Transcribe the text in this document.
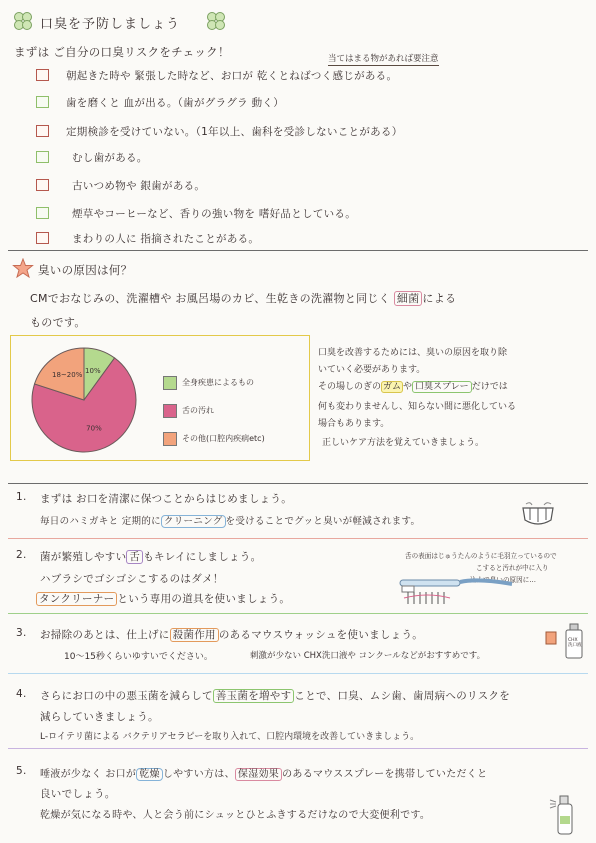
口臭を予防しましょう
まずは ご自分の口臭リスクをチェック！	当てはまる物があれば要注意
朝起きた時や 緊張した時など、お口が 乾くとねばつく感じがある。
歯を磨くと 血が出る。（歯がグラグラ 動く）
定期検診を受けていない。（1年以上、歯科を受診しないことがある）
むし歯がある。
古いつめ物や 銀歯がある。
煙草やコーヒーなど、香りの強い物を 嗜好品としている。
まわりの人に 指摘されたことがある。
臭いの原因は何？
CMでおなじみの、洗濯槽や お風呂場のカビ、生乾きの洗濯物と同じく 細菌 による
ものです。
10%
70%
18~20%
全身疾患によるもの
舌の汚れ
その他(口腔内疾病etc)
口臭を改善するためには、臭いの原因を取り除
いていく必要があります。
その場しのぎの ガム や 口臭スプレー だけでは
何も変わりませんし、知らない間に悪化している
場合もあります。
正しいケア方法を覚えていきましょう。
1. まずは お口を清潔に保つことからはじめましょう。
毎日のハミガキと 定期的に クリーニング を受けることでグッと臭いが軽減されます。
2. 菌が繁殖しやすい 舌 もキレイにしましょう。
ハブラシでゴシゴシこするのはダメ！
タンクリーナー という専用の道具を使いましょう。
舌の表面はじゅうたんのように毛羽立っているので
こすると汚れが中に入り
込んで臭いの原因に…
3. お掃除のあとは、仕上げに 殺菌作用 のあるマウスウォッシュを使いましょう。
10～15秒くらいゆすいでください。	刺激が少ない CHX洗口液や コンクールなどがおすすめです。
CHX 洗口液
4. さらにお口の中の悪玉菌を減らして 善玉菌を増やす ことで、口臭、ムシ歯、歯周病へのリスクを
減らしていきましょう。
L-ロイテリ菌による バクテリアセラピーを取り入れて、口腔内環境を改善していきましょう。
5. 唾液が少なく お口が 乾燥 しやすい方は、 保湿効果 のあるマウススプレーを携帯していただくと
良いでしょう。
乾燥が気になる時や、人と会う前にシュッとひとふきするだけなので大変便利です。
